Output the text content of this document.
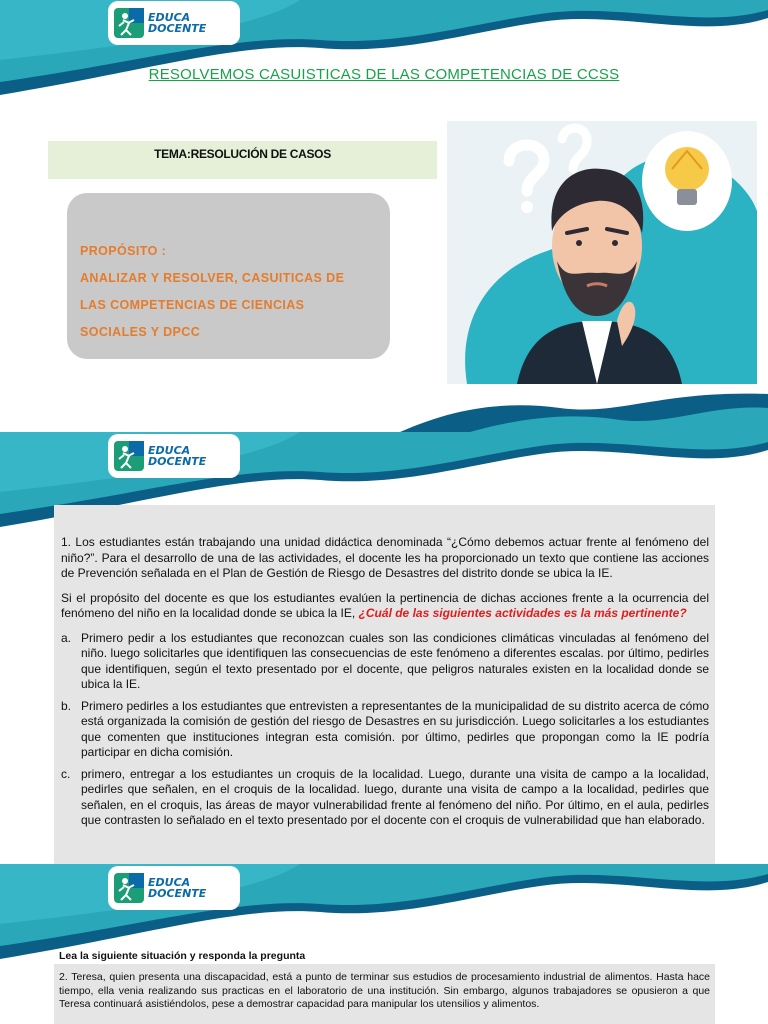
EDUCA
DOCENTE
RESOLVEMOS CASUISTICAS DE LAS COMPETENCIAS DE CCSS
TEMA:RESOLUCIÓN DE CASOS
PROPÓSITO :
ANALIZAR Y RESOLVER, CASUITICAS DE
LAS COMPETENCIAS DE CIENCIAS
SOCIALES Y DPCC
EDUCA
DOCENTE

1. Los estudiantes están trabajando una unidad didáctica denominada “¿Cómo debemos actuar frente al fenómeno del niño?”. Para el desarrollo de una de las actividades, el docente les ha proporcionado un texto que contiene las acciones de Prevención señalada en el Plan de Gestión de Riesgo de Desastres del distrito donde se ubica la IE.

Si el propósito del docente es que los estudiantes evalúen la pertinencia de dichas acciones frente a la ocurrencia del fenómeno del niño en la localidad donde se ubica la IE, ¿Cuál de las siguientes actividades es la más pertinente?

a. Primero pedir a los estudiantes que reconozcan cuales son las condiciones climáticas vinculadas al fenómeno del niño. luego solicitarles que identifiquen las consecuencias de este fenómeno a diferentes escalas. por último, pedirles que identifiquen, según el texto presentado por el docente, que peligros naturales existen en la localidad donde se ubica la IE.
b. Primero pedirles a los estudiantes que entrevisten a representantes de la municipalidad de su distrito acerca de cómo está organizada la comisión de gestión del riesgo de Desastres en su jurisdicción. Luego solicitarles a los estudiantes que comenten que instituciones integran esta comisión. por último, pedirles que propongan como la IE podría participar en dicha comisión.
c. primero, entregar a los estudiantes un croquis de la localidad. Luego, durante una visita de campo a la localidad, pedirles que señalen, en el croquis de la localidad. luego, durante una visita de campo a la localidad, pedirles que señalen, en el croquis, las áreas de mayor vulnerabilidad frente al fenómeno del niño. Por último, en el aula, pedirles que contrasten lo señalado en el texto presentado por el docente con el croquis de vulnerabilidad que han elaborado.
EDUCA
DOCENTE
Lea la siguiente situación y responda la pregunta

2. Teresa, quien presenta una discapacidad, está a punto de terminar sus estudios de procesamiento industrial de alimentos. Hasta hace tiempo, ella venia realizando sus practicas en el laboratorio de una institución. Sin embargo, algunos trabajadores se opusieron a que Teresa continuará asistiéndolos, pese a demostrar capacidad para manipular los utensilios y alimentos.
